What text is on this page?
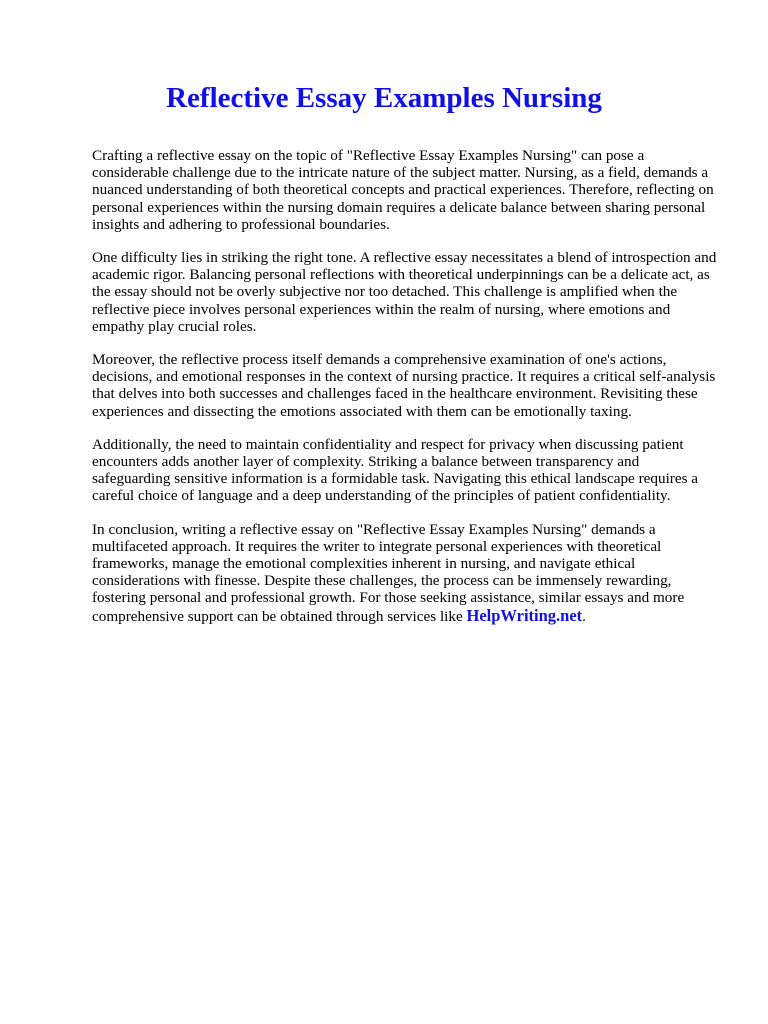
Reflective Essay Examples Nursing

Crafting a reflective essay on the topic of "Reflective Essay Examples Nursing" can pose a considerable challenge due to the intricate nature of the subject matter. Nursing, as a field, demands a nuanced understanding of both theoretical concepts and practical experiences. Therefore, reflecting on personal experiences within the nursing domain requires a delicate balance between sharing personal insights and adhering to professional boundaries.

One difficulty lies in striking the right tone. A reflective essay necessitates a blend of introspection and academic rigor. Balancing personal reflections with theoretical underpinnings can be a delicate act, as the essay should not be overly subjective nor too detached. This challenge is amplified when the reflective piece involves personal experiences within the realm of nursing, where emotions and empathy play crucial roles.

Moreover, the reflective process itself demands a comprehensive examination of one's actions, decisions, and emotional responses in the context of nursing practice. It requires a critical self-analysis that delves into both successes and challenges faced in the healthcare environment. Revisiting these experiences and dissecting the emotions associated with them can be emotionally taxing.

Additionally, the need to maintain confidentiality and respect for privacy when discussing patient encounters adds another layer of complexity. Striking a balance between transparency and safeguarding sensitive information is a formidable task. Navigating this ethical landscape requires a careful choice of language and a deep understanding of the principles of patient confidentiality.

In conclusion, writing a reflective essay on "Reflective Essay Examples Nursing" demands a multifaceted approach. It requires the writer to integrate personal experiences with theoretical frameworks, manage the emotional complexities inherent in nursing, and navigate ethical considerations with finesse. Despite these challenges, the process can be immensely rewarding, fostering personal and professional growth. For those seeking assistance, similar essays and more comprehensive support can be obtained through services like HelpWriting.net.
